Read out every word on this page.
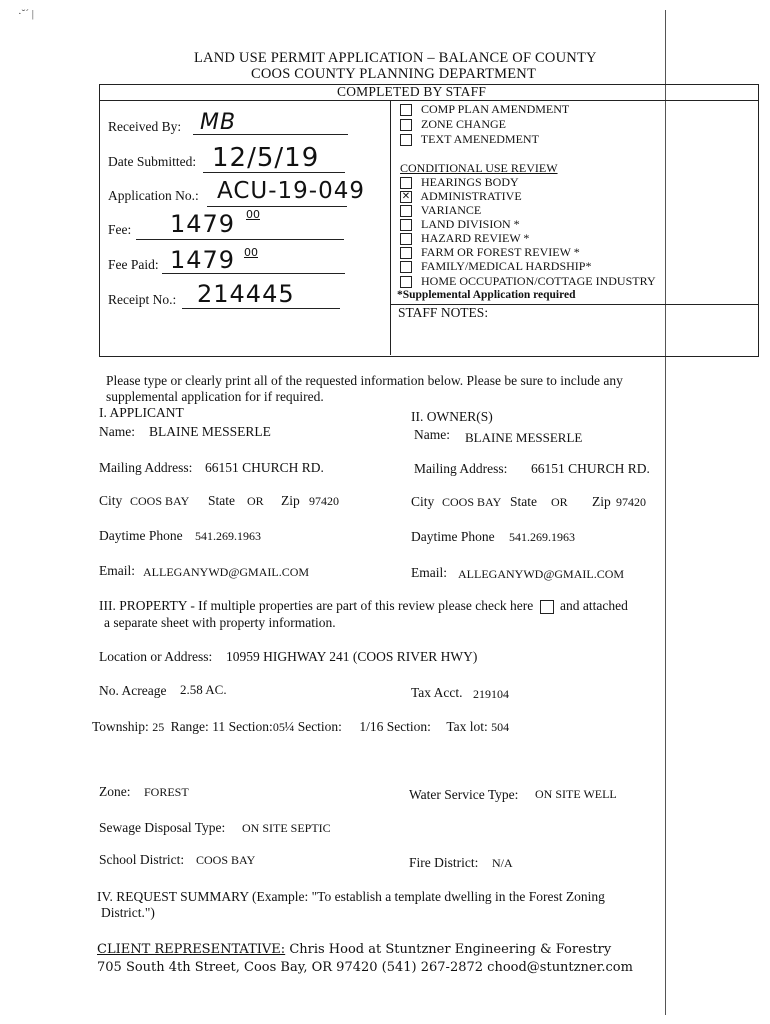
·ˇ´ |
LAND USE PERMIT APPLICATION – BALANCE OF COUNTY
COOS COUNTY PLANNING DEPARTMENT
COMPLETED BY STAFF
Received By: MB
Date Submitted: 12/5/19
Application No.: ACU-19-049
Fee: 1479 00
Fee Paid: 1479 00
Receipt No.: 214445
COMP PLAN AMENDMENT
ZONE CHANGE
TEXT AMENEDMENT
CONDITIONAL USE REVIEW
HEARINGS BODY
✕ ADMINISTRATIVE
VARIANCE
LAND DIVISION *
HAZARD REVIEW *
FARM OR FOREST REVIEW *
FAMILY/MEDICAL HARDSHIP*
HOME OCCUPATION/COTTAGE INDUSTRY
*Supplemental Application required
STAFF NOTES:
Please type or clearly print all of the requested information below. Please be sure to include any
supplemental application for if required.
I. APPLICANT
Name: BLAINE MESSERLE
Mailing Address: 66151 CHURCH RD.
City COOS BAY State OR Zip 97420
Daytime Phone 541.269.1963
Email: ALLEGANYWD@GMAIL.COM
II. OWNER(S)
Name: BLAINE MESSERLE
Mailing Address: 66151 CHURCH RD.
City COOS BAY State OR Zip 97420
Daytime Phone 541.269.1963
Email: ALLEGANYWD@GMAIL.COM
III. PROPERTY - If multiple properties are part of this review please check here and attached
a separate sheet with property information.
Location or Address: 10959 HIGHWAY 241 (COOS RIVER HWY)
No. Acreage 2.58 AC.	Tax Acct. 219104
Township: 25 Range: 11 Section:05 ¼ Section: 1/16 Section: Tax lot: 504
Zone: FOREST	Water Service Type: ON SITE WELL
Sewage Disposal Type: ON SITE SEPTIC
School District: COOS BAY	Fire District: N/A
IV. REQUEST SUMMARY (Example: "To establish a template dwelling in the Forest Zoning
District.")
CLIENT REPRESENTATIVE: Chris Hood at Stuntzner Engineering & Forestry
705 South 4th Street, Coos Bay, OR 97420 (541) 267-2872 chood@stuntzner.com
